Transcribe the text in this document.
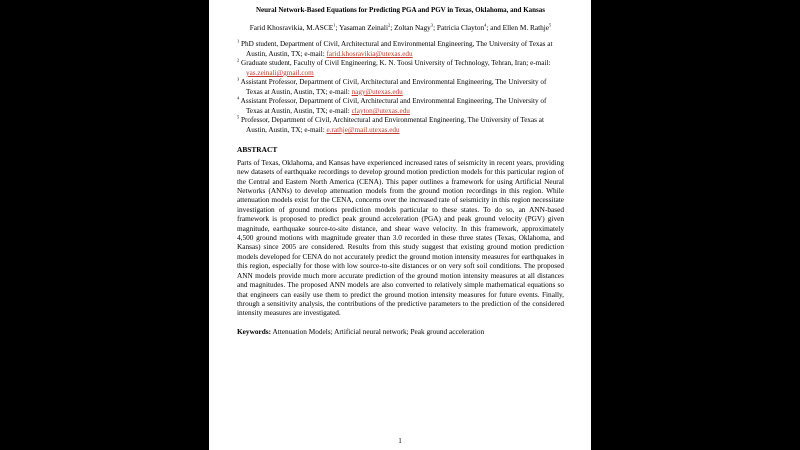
Neural Network-Based Equations for Predicting PGA and PGV in Texas, Oklahoma, and Kansas

Farid Khosravikia, M.ASCE$^1$; Yasaman Zeinali$^2$; Zoltan Nagy$^3$; Patricia Clayton$^4$; and Ellen M. Rathje$^5$

$^1$ PhD student, Department of Civil, Architectural and Environmental Engineering, The University of Texas at Austin, Austin, TX; e-mail: farid.khosravikia@utexas.edu

$^2$ Graduate student, Faculty of Civil Engineering, K. N. Toosi University of Technology, Tehran, Iran; e-mail: yas.zeinali@gmail.com

$^3$ Assistant Professor, Department of Civil, Architectural and Environmental Engineering, The University of Texas at Austin, Austin, TX; e-mail: nagy@utexas.edu

$^4$ Assistant Professor, Department of Civil, Architectural and Environmental Engineering, The University of Texas at Austin, Austin, TX; e-mail: clayton@utexas.edu

$^5$ Professor, Department of Civil, Architectural and Environmental Engineering, The University of Texas at Austin, Austin, TX; e-mail: e.rathje@mail.utexas.edu

ABSTRACT

Parts of Texas, Oklahoma, and Kansas have experienced increased rates of seismicity in recent years, providing new datasets of earthquake recordings to develop ground motion prediction models for this particular region of the Central and Eastern North America (CENA). This paper outlines a framework for using Artificial Neural Networks (ANNs) to develop attenuation models from the ground motion recordings in this region. While attenuation models exist for the CENA, concerns over the increased rate of seismicity in this region necessitate investigation of ground motions prediction models particular to these states. To do so, an ANN-based framework is proposed to predict peak ground acceleration (PGA) and peak ground velocity (PGV) given magnitude, earthquake source-to-site distance, and shear wave velocity. In this framework, approximately 4,500 ground motions with magnitude greater than 3.0 recorded in these three states (Texas, Oklahoma, and Kansas) since 2005 are considered. Results from this study suggest that existing ground motion prediction models developed for CENA do not accurately predict the ground motion intensity measures for earthquakes in this region, especially for those with low source-to-site distances or on very soft soil conditions. The proposed ANN models provide much more accurate prediction of the ground motion intensity measures at all distances and magnitudes. The proposed ANN models are also converted to relatively simple mathematical equations so that engineers can easily use them to predict the ground motion intensity measures for future events. Finally, through a sensitivity analysis, the contributions of the predictive parameters to the prediction of the considered intensity measures are investigated.

Keywords: Attenuation Models; Artificial neural network; Peak ground acceleration

1
